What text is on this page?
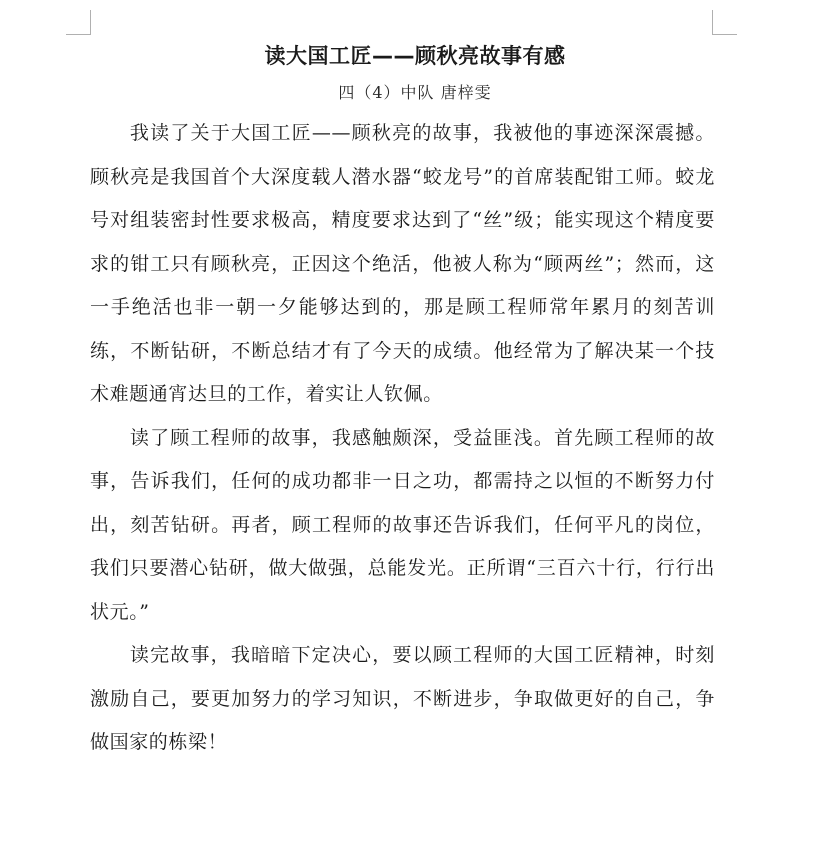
读大国工匠——顾秋亮故事有感
四（4）中队 唐梓雯

我读了关于大国工匠——顾秋亮的故事，我被他的事迹深深震撼。顾秋亮是我国首个大深度载人潜水器“蛟龙号”的首席装配钳工师。蛟龙号对组装密封性要求极高，精度要求达到了“丝”级；能实现这个精度要求的钳工只有顾秋亮，正因这个绝活，他被人称为“顾两丝”；然而，这一手绝活也非一朝一夕能够达到的，那是顾工程师常年累月的刻苦训练，不断钻研，不断总结才有了今天的成绩。他经常为了解决某一个技术难题通宵达旦的工作，着实让人钦佩。

读了顾工程师的故事，我感触颇深，受益匪浅。首先顾工程师的故事，告诉我们，任何的成功都非一日之功，都需持之以恒的不断努力付出，刻苦钻研。再者，顾工程师的故事还告诉我们，任何平凡的岗位，我们只要潜心钻研，做大做强，总能发光。正所谓“三百六十行，行行出状元。”

读完故事，我暗暗下定决心，要以顾工程师的大国工匠精神，时刻激励自己，要更加努力的学习知识，不断进步，争取做更好的自己，争做国家的栋梁！
